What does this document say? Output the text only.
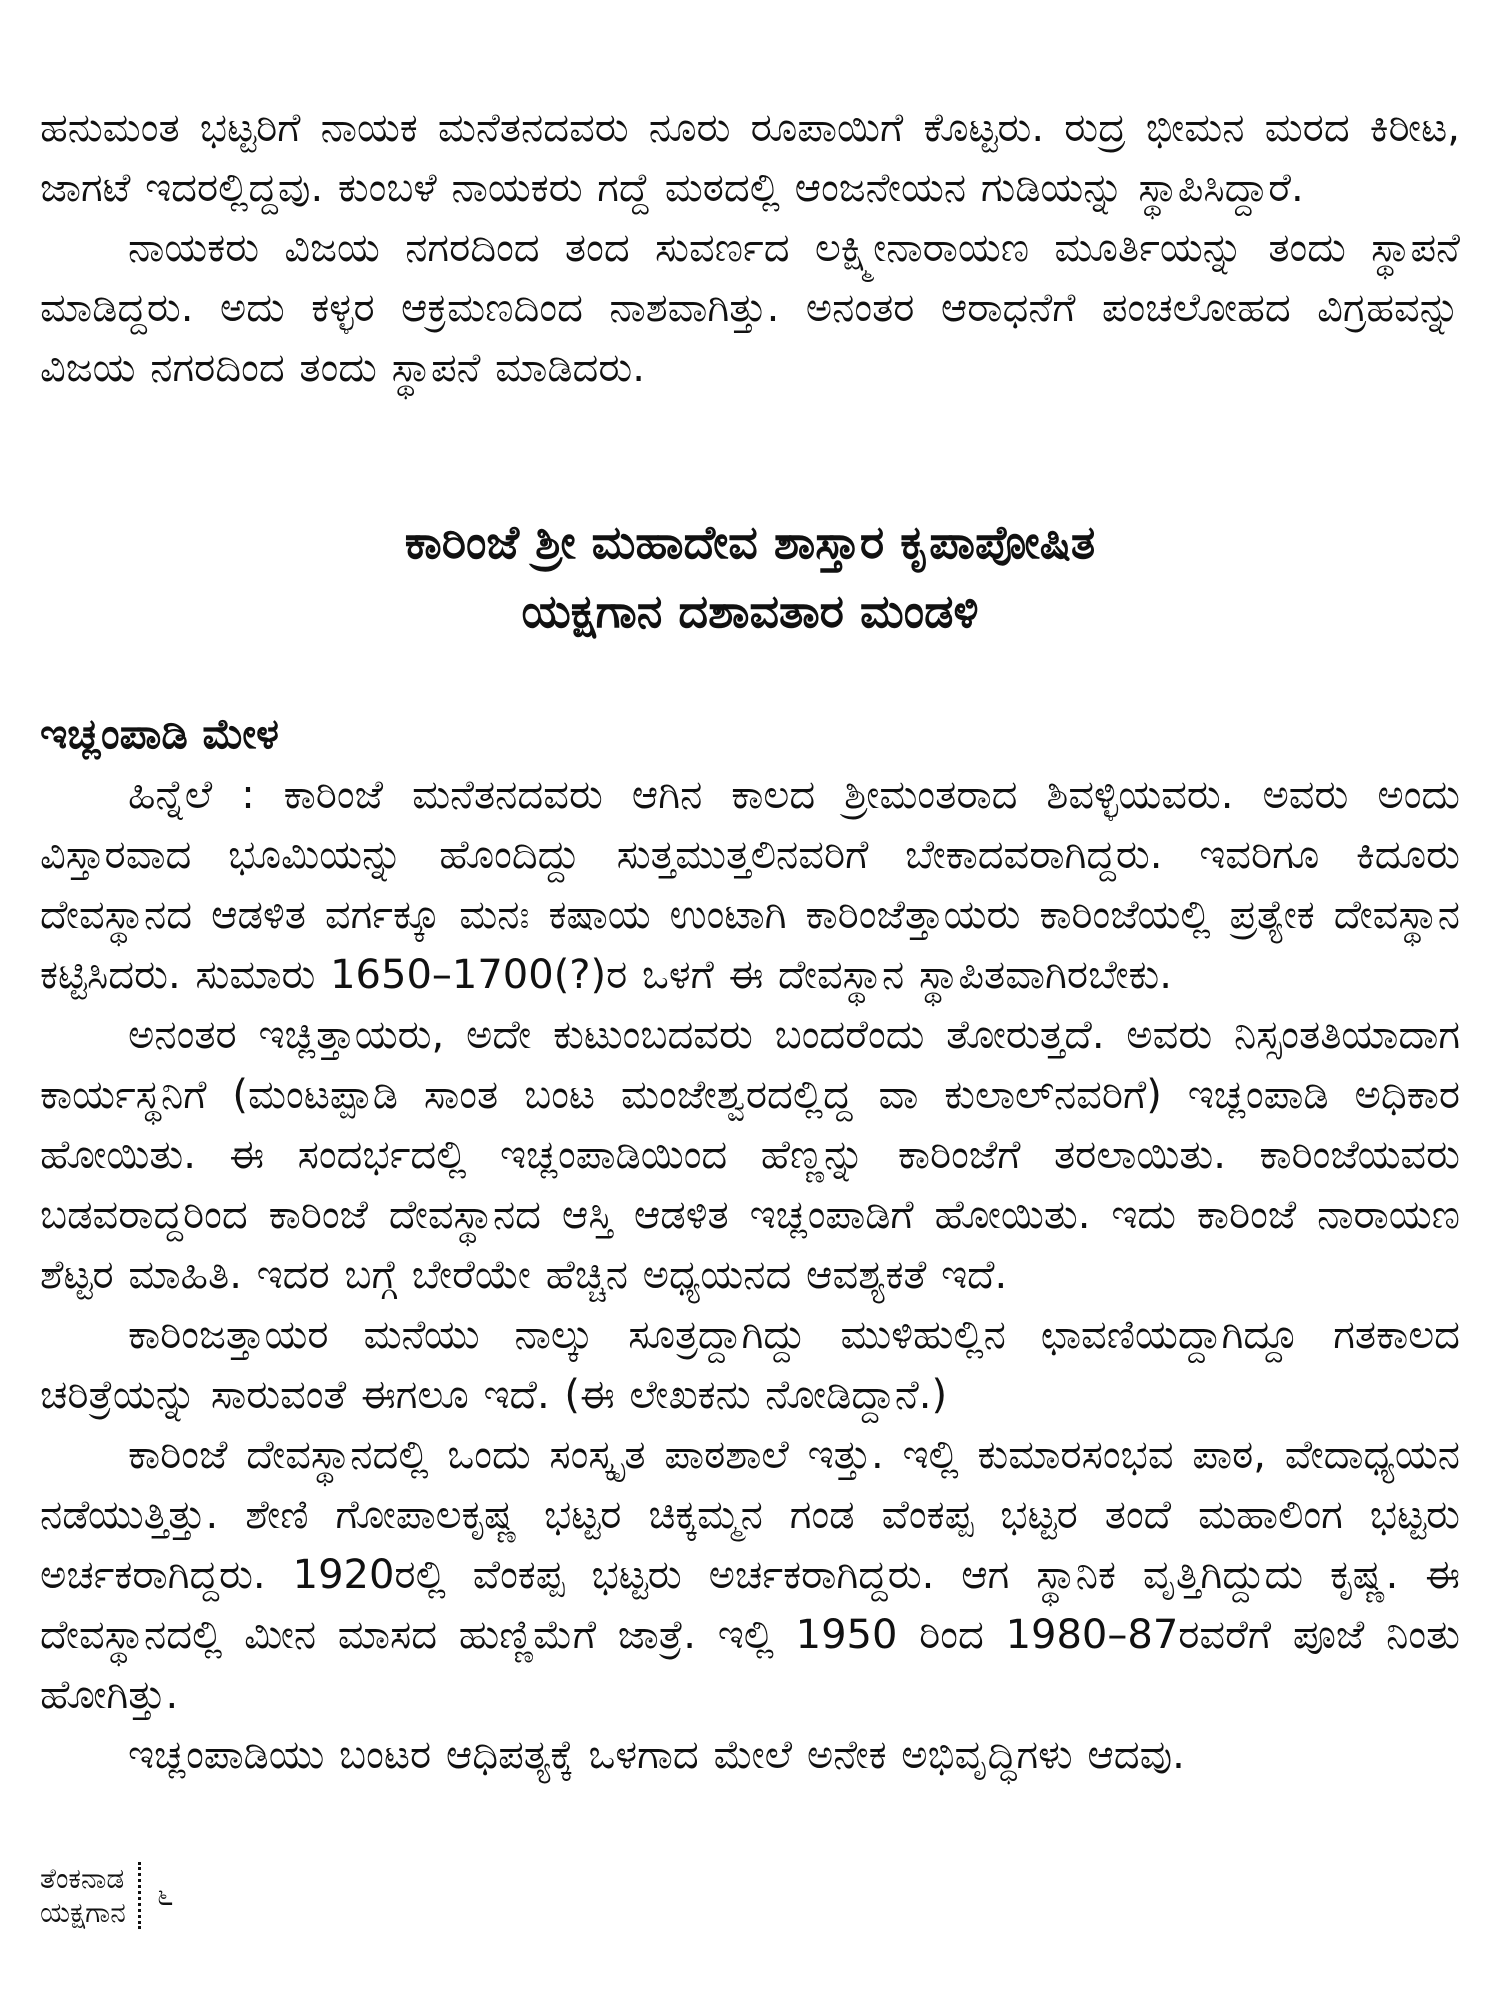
ಹನುಮಂತ ಭಟ್ಟರಿಗೆ ನಾಯಕ ಮನೆತನದವರು ನೂರು ರೂಪಾಯಿಗೆ ಕೊಟ್ಟರು. ರುದ್ರ ಭೀಮನ ಮರದ ಕಿರೀಟ, ಜಾಗಟೆ ಇದರಲ್ಲಿದ್ದವು. ಕುಂಬಳೆ ನಾಯಕರು ಗದ್ದೆ ಮಠದಲ್ಲಿ ಆಂಜನೇಯನ ಗುಡಿಯನ್ನು ಸ್ಥಾಪಿಸಿದ್ದಾರೆ.

ನಾಯಕರು ವಿಜಯ ನಗರದಿಂದ ತಂದ ಸುವರ್ಣದ ಲಕ್ಷ್ಮೀನಾರಾಯಣ ಮೂರ್ತಿಯನ್ನು ತಂದು ಸ್ಥಾಪನೆ ಮಾಡಿದ್ದರು. ಅದು ಕಳ್ಳರ ಆಕ್ರಮಣದಿಂದ ನಾಶವಾಗಿತ್ತು. ಅನಂತರ ಆರಾಧನೆಗೆ ಪಂಚಲೋಹದ ವಿಗ್ರಹವನ್ನು ವಿಜಯ ನಗರದಿಂದ ತಂದು ಸ್ಥಾಪನೆ ಮಾಡಿದರು.

ಕಾರಿಂಜೆ ಶ್ರೀ ಮಹಾದೇವ ಶಾಸ್ತಾರ ಕೃಪಾಪೋಷಿತ
ಯಕ್ಷಗಾನ ದಶಾವತಾರ ಮಂಡಳಿ
ಇಚ್ಲಂಪಾಡಿ ಮೇಳ

ಹಿನ್ನೆಲೆ : ಕಾರಿಂಜೆ ಮನೆತನದವರು ಆಗಿನ ಕಾಲದ ಶ್ರೀಮಂತರಾದ ಶಿವಳ್ಳಿಯವರು. ಅವರು ಅಂದು ವಿಸ್ತಾರವಾದ ಭೂಮಿಯನ್ನು ಹೊಂದಿದ್ದು ಸುತ್ತಮುತ್ತಲಿನವರಿಗೆ ಬೇಕಾದವರಾಗಿದ್ದರು. ಇವರಿಗೂ ಕಿದೂರು ದೇವಸ್ಥಾನದ ಆಡಳಿತ ವರ್ಗಕ್ಕೂ ಮನಃ ಕಷಾಯ ಉಂಟಾಗಿ ಕಾರಿಂಜೆತ್ತಾಯರು ಕಾರಿಂಜೆಯಲ್ಲಿ ಪ್ರತ್ಯೇಕ ದೇವಸ್ಥಾನ ಕಟ್ಟಿಸಿದರು. ಸುಮಾರು 1650–1700(?)ರ ಒಳಗೆ ಈ ದೇವಸ್ಥಾನ ಸ್ಥಾಪಿತವಾಗಿರಬೇಕು.

ಅನಂತರ ಇಚ್ಲಿತ್ತಾಯರು, ಅದೇ ಕುಟುಂಬದವರು ಬಂದರೆಂದು ತೋರುತ್ತದೆ. ಅವರು ನಿಸ್ಸಂತತಿಯಾದಾಗ ಕಾರ್ಯಸ್ಥನಿಗೆ (ಮಂಟಪ್ಪಾಡಿ ಸಾಂತ ಬಂಟ ಮಂಜೇಶ್ವರದಲ್ಲಿದ್ದ ವಾ ಕುಲಾಲ್‌ನವರಿಗೆ) ಇಚ್ಲಂಪಾಡಿ ಅಧಿಕಾರ ಹೋಯಿತು. ಈ ಸಂದರ್ಭದಲ್ಲಿ ಇಚ್ಲಂಪಾಡಿಯಿಂದ ಹೆಣ್ಣನ್ನು ಕಾರಿಂಜೆಗೆ ತರಲಾಯಿತು. ಕಾರಿಂಜೆಯವರು ಬಡವರಾದ್ದರಿಂದ ಕಾರಿಂಜೆ ದೇವಸ್ಥಾನದ ಆಸ್ತಿ ಆಡಳಿತ ಇಚ್ಲಂಪಾಡಿಗೆ ಹೋಯಿತು. ಇದು ಕಾರಿಂಜೆ ನಾರಾಯಣ ಶೆಟ್ಟರ ಮಾಹಿತಿ. ಇದರ ಬಗ್ಗೆ ಬೇರೆಯೇ ಹೆಚ್ಚಿನ ಅಧ್ಯಯನದ ಆವಶ್ಯಕತೆ ಇದೆ.

ಕಾರಿಂಜತ್ತಾಯರ ಮನೆಯು ನಾಲ್ಕು ಸೂತ್ರದ್ದಾಗಿದ್ದು ಮುಳಿಹುಲ್ಲಿನ ಛಾವಣಿಯದ್ದಾಗಿದ್ದೂ ಗತಕಾಲದ ಚರಿತ್ರೆಯನ್ನು ಸಾರುವಂತೆ ಈಗಲೂ ಇದೆ. (ಈ ಲೇಖಕನು ನೋಡಿದ್ದಾನೆ.)

ಕಾರಿಂಜೆ ದೇವಸ್ಥಾನದಲ್ಲಿ ಒಂದು ಸಂಸ್ಕೃತ ಪಾಠಶಾಲೆ ಇತ್ತು. ಇಲ್ಲಿ ಕುಮಾರಸಂಭವ ಪಾಠ, ವೇದಾಧ್ಯಯನ ನಡೆಯುತ್ತಿತ್ತು. ಶೇಣಿ ಗೋಪಾಲಕೃಷ್ಣ ಭಟ್ಟರ ಚಿಕ್ಕಮ್ಮನ ಗಂಡ ವೆಂಕಪ್ಪ ಭಟ್ಟರ ತಂದೆ ಮಹಾಲಿಂಗ ಭಟ್ಟರು ಅರ್ಚಕರಾಗಿದ್ದರು. 1920ರಲ್ಲಿ ವೆಂಕಪ್ಪ ಭಟ್ಟರು ಅರ್ಚಕರಾಗಿದ್ದರು. ಆಗ ಸ್ಥಾನಿಕ ವೃತ್ತಿಗಿದ್ದುದು ಕೃಷ್ಣ. ಈ ದೇವಸ್ಥಾನದಲ್ಲಿ ಮೀನ ಮಾಸದ ಹುಣ್ಣಿಮೆಗೆ ಜಾತ್ರೆ. ಇಲ್ಲಿ 1950 ರಿಂದ 1980–87ರವರೆಗೆ ಪೂಜೆ ನಿಂತು ಹೋಗಿತ್ತು.

ಇಚ್ಲಂಪಾಡಿಯು ಬಂಟರ ಆಧಿಪತ್ಯಕ್ಕೆ ಒಳಗಾದ ಮೇಲೆ ಅನೇಕ ಅಭಿವೃದ್ಧಿಗಳು ಆದವು.

ತೆಂಕನಾಡ
ಯಕ್ಷಗಾನ	೬
